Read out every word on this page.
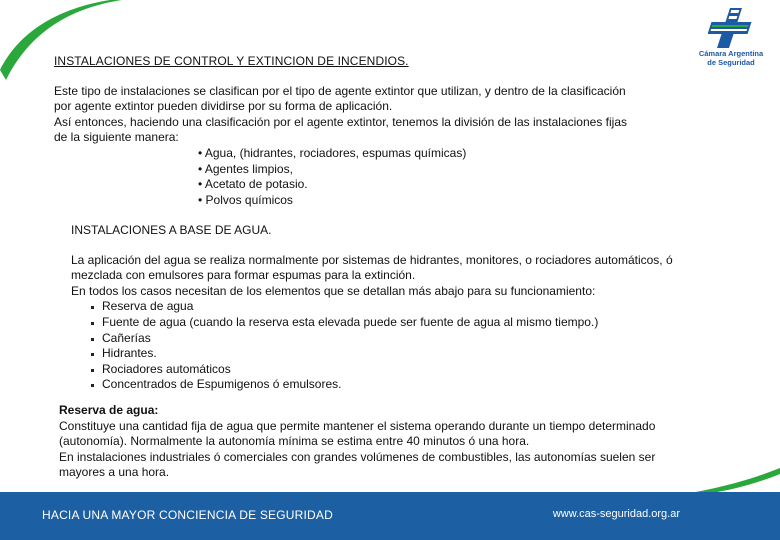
Cámara Argentina
de Seguridad
INSTALACIONES DE CONTROL Y EXTINCION DE INCENDIOS.

Este tipo de instalaciones se clasifican por el tipo de agente extintor que utilizan, y dentro de la clasificación

por agente extintor pueden dividirse por su forma de aplicación.

Así entonces, haciendo una clasificación por el agente extintor, tenemos la división de las instalaciones fijas

de la siguiente manera:

• Agua, (hidrantes, rociadores, espumas químicas)
• Agentes limpios,
• Acetato de potasio.
• Polvos químicos
INSTALACIONES A BASE DE AGUA.

La aplicación del agua se realiza normalmente por sistemas de hidrantes, monitores, o rociadores automáticos, ó

mezclada con emulsores para formar espumas para la extinción.

En todos los casos necesitan de los elementos que se detallan más abajo para su funcionamiento:

Reserva de agua
Fuente de agua (cuando la reserva esta elevada puede ser fuente de agua al mismo tiempo.)
Cañerías
Hidrantes.
Rociadores automáticos
Concentrados de Espumigenos ó emulsores.
Reserva de agua:

Constituye una cantidad fija de agua que permite mantener el sistema operando durante un tiempo determinado

(autonomía). Normalmente la autonomía mínima se estima entre 40 minutos ó una hora.

En instalaciones industriales ó comerciales con grandes volúmenes de combustibles, las autonomías suelen ser

mayores a una hora.

HACIA UNA MAYOR CONCIENCIA DE SEGURIDAD	www.cas-seguridad.org.ar
